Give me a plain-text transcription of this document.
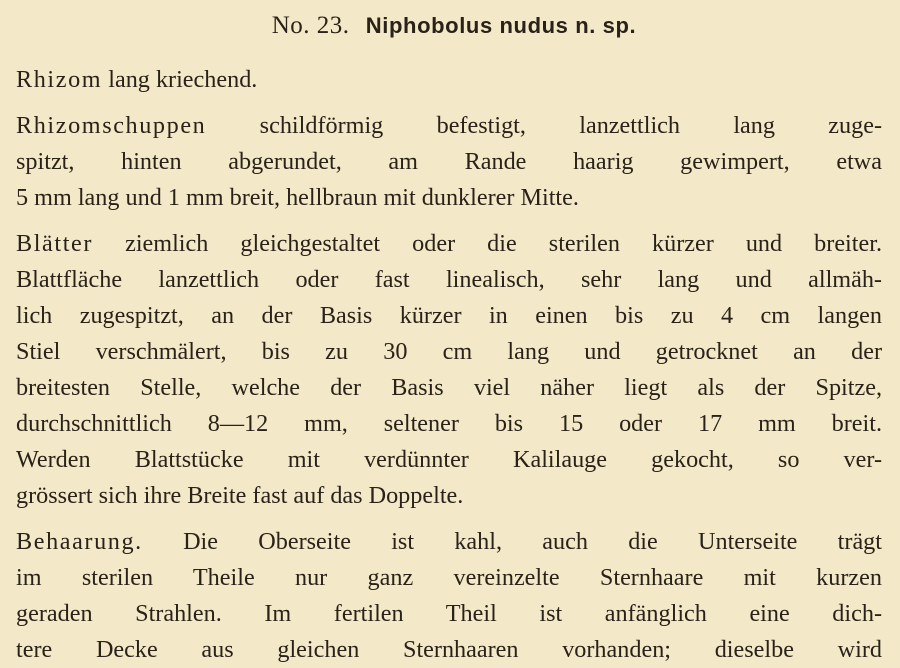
No. 23. Niphobolus nudus n. sp.
Rhizom lang kriechend.
Rhizomschuppen schildförmig befestigt, lanzettlich lang zuge-
spitzt, hinten abgerundet, am Rande haarig gewimpert, etwa
5 mm lang und 1 mm breit, hellbraun mit dunklerer Mitte.
Blätter ziemlich gleichgestaltet oder die sterilen kürzer und breiter.
Blattfläche lanzettlich oder fast linealisch, sehr lang und allmäh-
lich zugespitzt, an der Basis kürzer in einen bis zu 4 cm langen
Stiel verschmälert, bis zu 30 cm lang und getrocknet an der
breitesten Stelle, welche der Basis viel näher liegt als der Spitze,
durchschnittlich 8—12 mm, seltener bis 15 oder 17 mm breit.
Werden Blattstücke mit verdünnter Kalilauge gekocht, so ver-
grössert sich ihre Breite fast auf das Doppelte.
Behaarung. Die Oberseite ist kahl, auch die Unterseite trägt
im sterilen Theile nur ganz vereinzelte Sternhaare mit kurzen
geraden Strahlen. Im fertilen Theil ist anfänglich eine dich-
tere Decke aus gleichen Sternhaaren vorhanden; dieselbe wird
